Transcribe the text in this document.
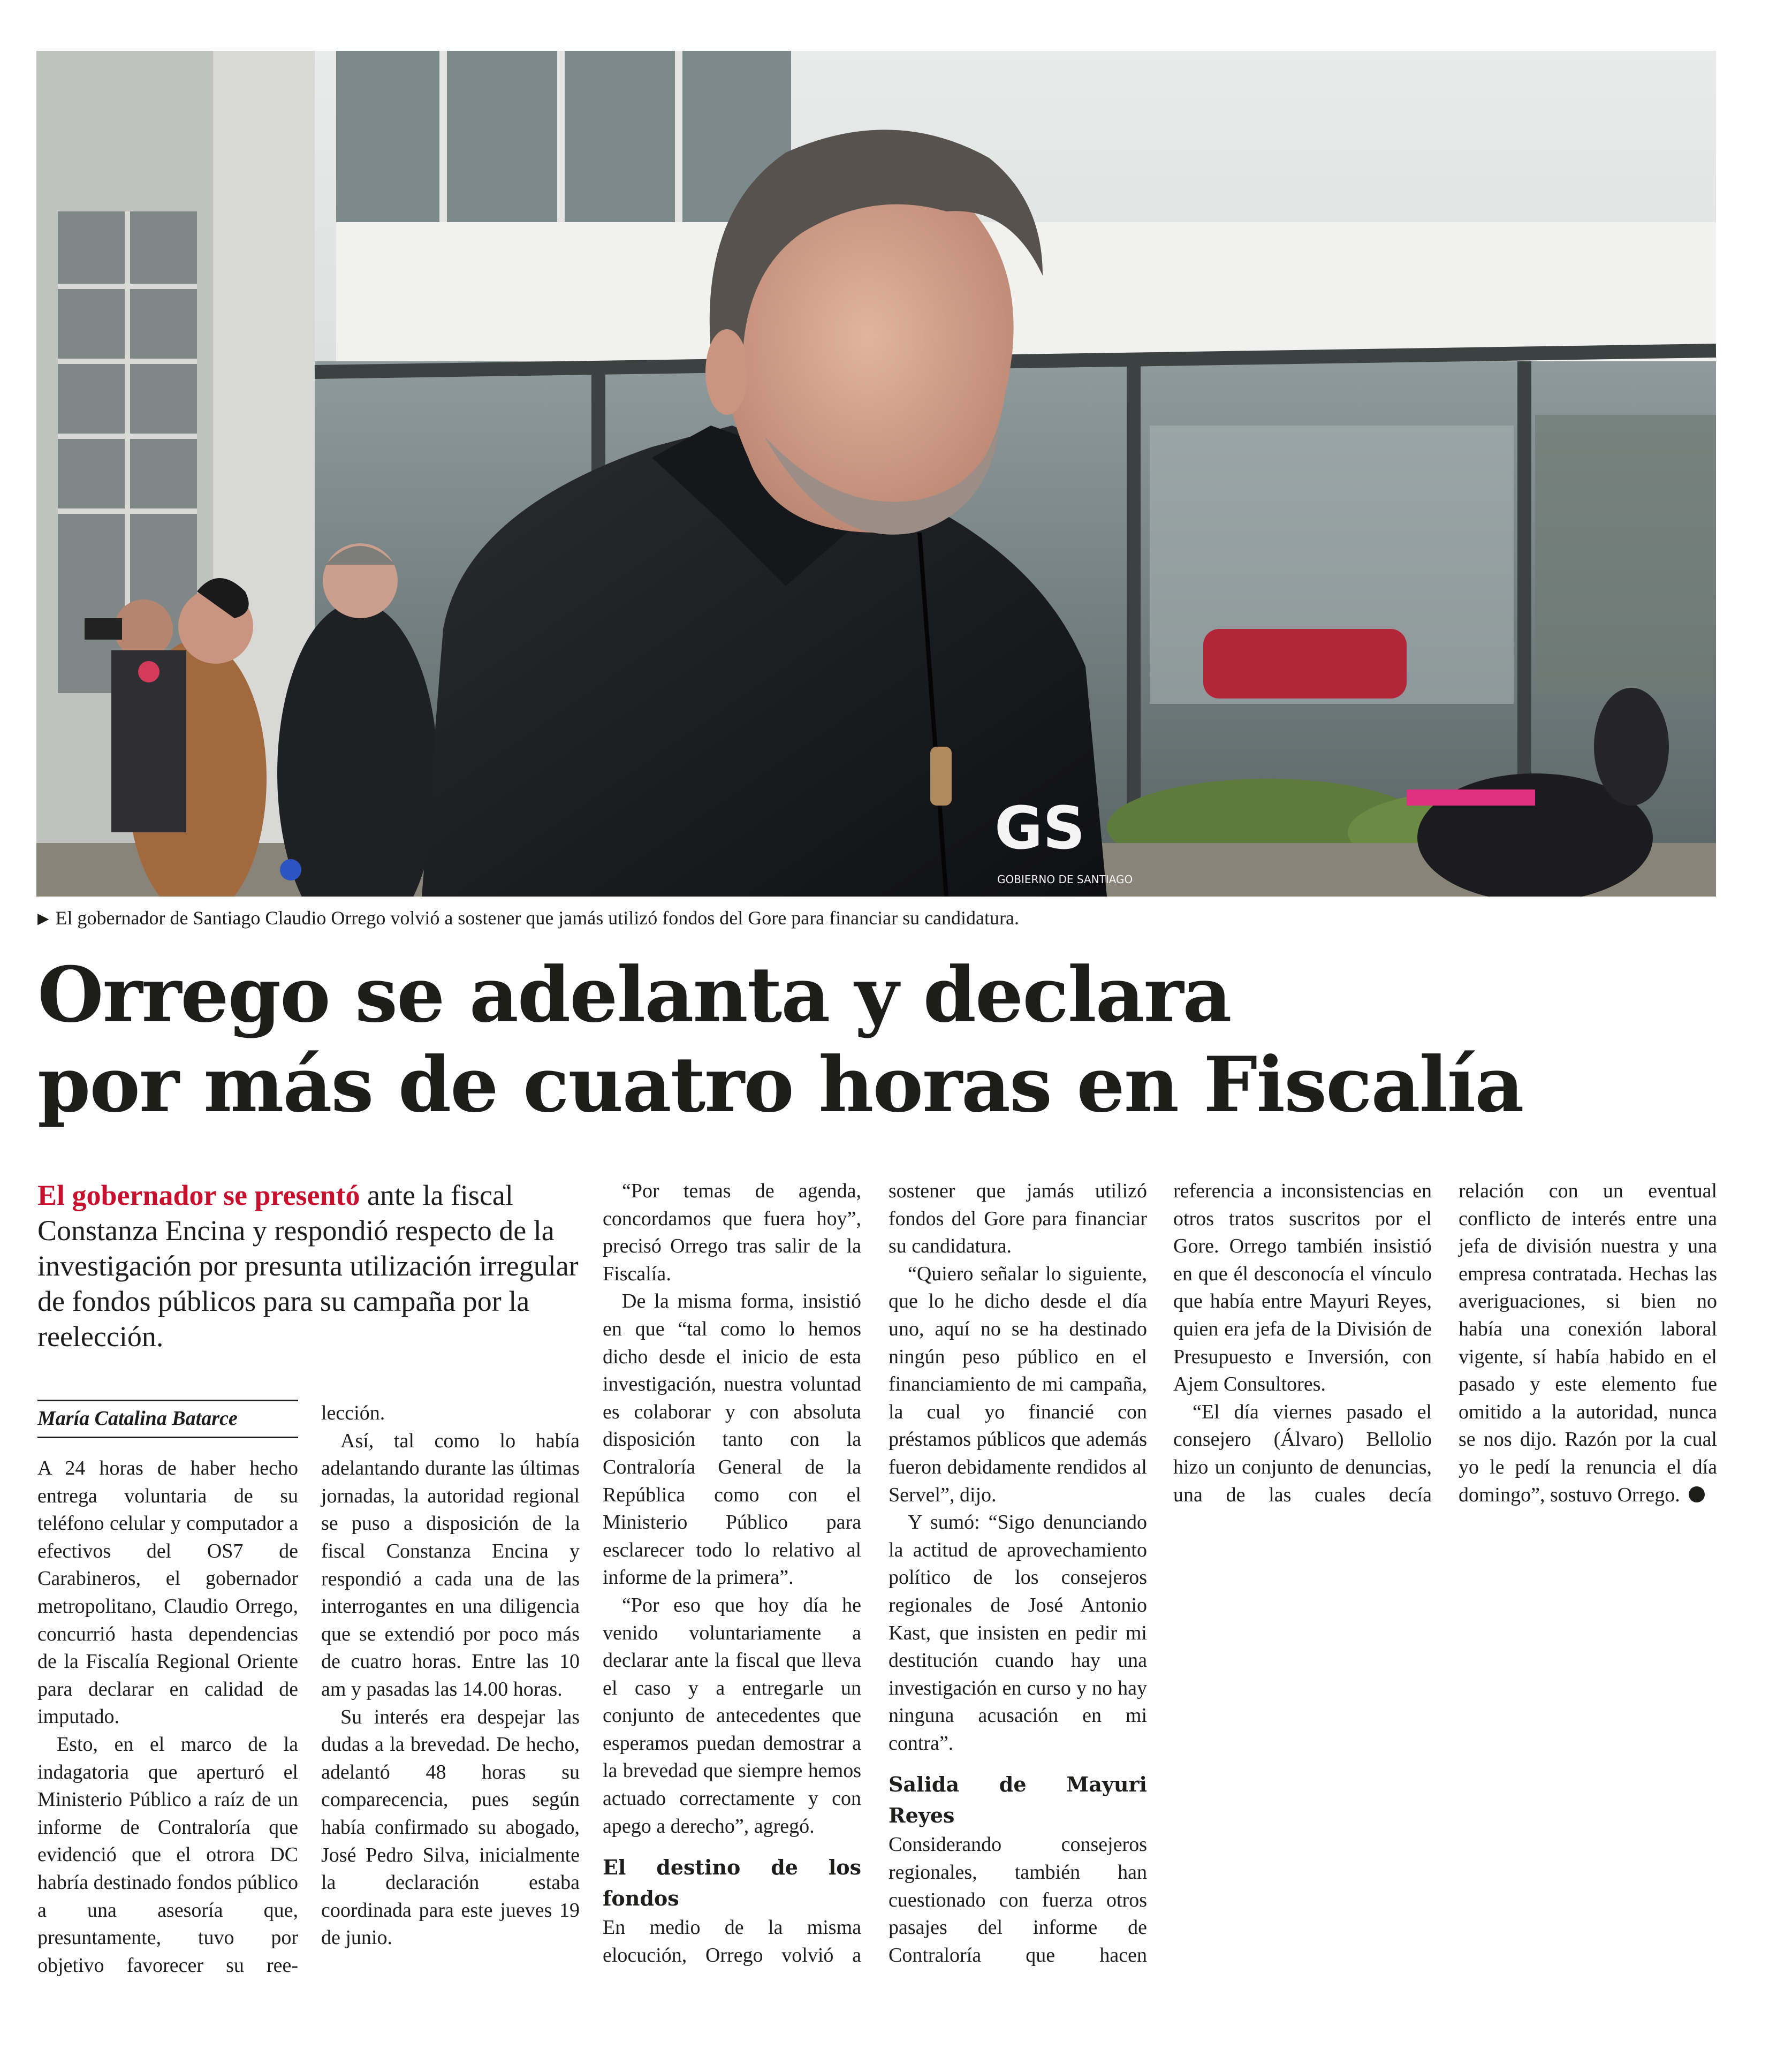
GS
GOBIERNO DE SANTIAGO
▶ El gobernador de Santiago Claudio Orrego volvió a sostener que jamás utilizó fondos del Gore para financiar su candidatura.
Orrego se adelanta y declara
por más de cuatro horas en Fiscalía
El gobernador se presentó ante la fiscal Constanza Encina y respondió respecto de la investigación por presunta utilización irregular de fondos públicos para su campaña por la reelección.
María Catalina Batarce

A 24 horas de haber hecho entrega voluntaria de su teléfono celular y computador a efectivos del OS7 de Carabineros, el gobernador metropolitano, Claudio Orrego, concurrió hasta dependencias de la Fiscalía Regional Oriente para declarar en calidad de imputado.

Esto, en el marco de la indagatoria que aperturó el Ministerio Público a raíz de un informe de Contraloría que evidenció que el otrora DC habría destinado fondos público a una asesoría que, presuntamente, tuvo por objetivo favorecer su ree-

lección.

Así, tal como lo había adelantando durante las últimas jornadas, la autoridad regional se puso a disposición de la fiscal Constanza Encina y respondió a cada una de las interrogantes en una diligencia que se extendió por poco más de cuatro horas. Entre las 10 am y pasadas las 14.00 horas.

Su interés era despejar las dudas a la brevedad. De hecho, adelantó 48 horas su comparecencia, pues según había confirmado su abogado, José Pedro Silva, inicialmente la declaración estaba coordinada para este jueves 19 de junio.

“Por temas de agenda, concordamos que fuera hoy”, precisó Orrego tras salir de la Fiscalía.

De la misma forma, insistió en que “tal como lo hemos dicho desde el inicio de esta investigación, nuestra voluntad es colaborar y con absoluta disposición tanto con la Contraloría General de la República como con el Ministerio Público para esclarecer todo lo relativo al informe de la primera”.

“Por eso que hoy día he venido voluntariamente a declarar ante la fiscal que lleva el caso y a entregarle un conjunto de antecedentes que esperamos puedan demostrar a la brevedad que siempre hemos actuado correctamente y con apego a derecho”, agregó.

El destino de los fondos

En medio de la misma elocución, Orrego volvió a

sostener que jamás utilizó fondos del Gore para financiar su candidatura.

“Quiero señalar lo siguiente, que lo he dicho desde el día uno, aquí no se ha destinado ningún peso público en el financiamiento de mi campaña, la cual yo financié con préstamos públicos que además fueron debidamente rendidos al Servel”, dijo.

Y sumó: “Sigo denunciando la actitud de aprovechamiento político de los consejeros regionales de José Antonio Kast, que insisten en pedir mi destitución cuando hay una investigación en curso y no hay ninguna acusación en mi contra”.

Salida de Mayuri Reyes

Considerando consejeros regionales, también han cuestionado con fuerza otros pasajes del informe de Contraloría que hacen

referencia a inconsistencias en otros tratos suscritos por el Gore. Orrego también insistió en que él desconocía el vínculo que había entre Mayuri Reyes, quien era jefa de la División de Presupuesto e Inversión, con Ajem Consultores.

“El día viernes pasado el consejero (Álvaro) Bellolio hizo un conjunto de denuncias, una de las cuales decía

relación con un eventual conflicto de interés entre una jefa de división nuestra y una empresa contratada. Hechas las averiguaciones, si bien no había una conexión laboral vigente, sí había habido en el pasado y este elemento fue omitido a la autoridad, nunca se nos dijo. Razón por la cual yo le pedí la renuncia el día domingo”, sostuvo Orrego.
